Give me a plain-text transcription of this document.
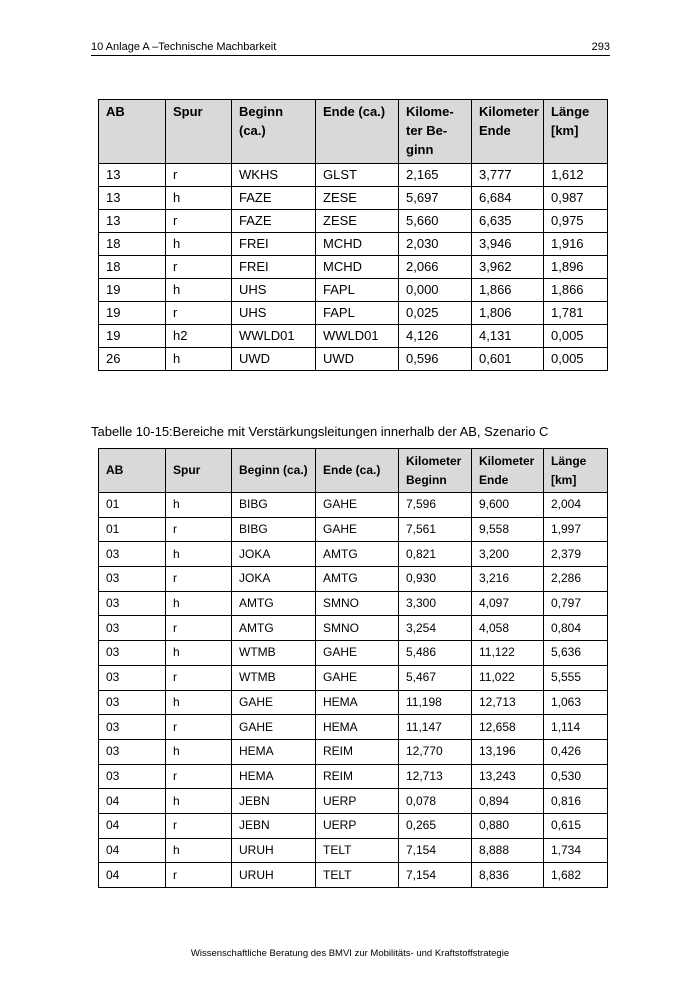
10 Anlage A –Technische Machbarkeit	293
AB	Spur	Beginn (ca.)	Ende (ca.)	Kilome-ter Be-ginn	Kilometer Ende	Länge [km]
13	r	WKHS	GLST	2,165	3,777	1,612
13	h	FAZE	ZESE	5,697	6,684	0,987
13	r	FAZE	ZESE	5,660	6,635	0,975
18	h	FREI	MCHD	2,030	3,946	1,916
18	r	FREI	MCHD	2,066	3,962	1,896
19	h	UHS	FAPL	0,000	1,866	1,866
19	r	UHS	FAPL	0,025	1,806	1,781
19	h2	WWLD01	WWLD01	4,126	4,131	0,005
26	h	UWD	UWD	0,596	0,601	0,005
Tabelle 10-15:Bereiche mit Verstärkungsleitungen innerhalb der AB, Szenario C
AB	Spur	Beginn (ca.)	Ende (ca.)	Kilometer Beginn	Kilometer Ende	Länge [km]
01	h	BIBG	GAHE	7,596	9,600	2,004
01	r	BIBG	GAHE	7,561	9,558	1,997
03	h	JOKA	AMTG	0,821	3,200	2,379
03	r	JOKA	AMTG	0,930	3,216	2,286
03	h	AMTG	SMNO	3,300	4,097	0,797
03	r	AMTG	SMNO	3,254	4,058	0,804
03	h	WTMB	GAHE	5,486	11,122	5,636
03	r	WTMB	GAHE	5,467	11,022	5,555
03	h	GAHE	HEMA	11,198	12,713	1,063
03	r	GAHE	HEMA	11,147	12,658	1,114
03	h	HEMA	REIM	12,770	13,196	0,426
03	r	HEMA	REIM	12,713	13,243	0,530
04	h	JEBN	UERP	0,078	0,894	0,816
04	r	JEBN	UERP	0,265	0,880	0,615
04	h	URUH	TELT	7,154	8,888	1,734
04	r	URUH	TELT	7,154	8,836	1,682
Wissenschaftliche Beratung des BMVI zur Mobilitäts- und Kraftstoffstrategie
